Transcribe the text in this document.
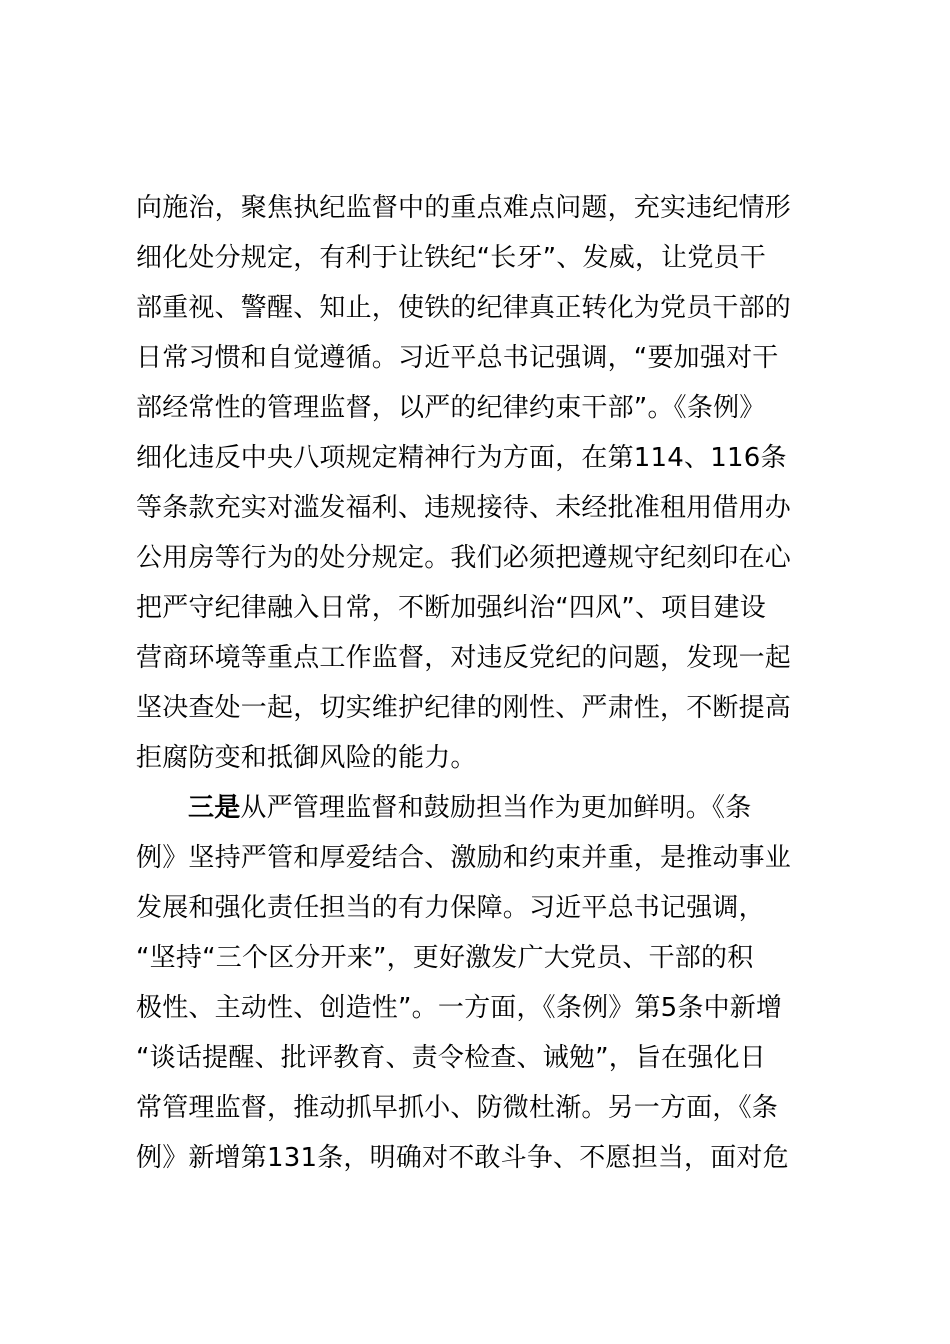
向施治，聚焦执纪监督中的重点难点问题，充实违纪情形
细化处分规定，有利于让铁纪“长牙”、发威，让党员干
部重视、警醒、知止，使铁的纪律真正转化为党员干部的
日常习惯和自觉遵循。习近平总书记强调，“要加强对干
部经常性的管理监督，以严的纪律约束干部”。《条例》
细化违反中央八项规定精神行为方面，在第114、116条
等条款充实对滥发福利、违规接待、未经批准租用借用办
公用房等行为的处分规定。我们必须把遵规守纪刻印在心
把严守纪律融入日常，不断加强纠治“四风”、项目建设
营商环境等重点工作监督，对违反党纪的问题，发现一起
坚决查处一起，切实维护纪律的刚性、严肃性，不断提高
拒腐防变和抵御风险的能力。
三是从严管理监督和鼓励担当作为更加鲜明。《条
例》坚持严管和厚爱结合、激励和约束并重，是推动事业
发展和强化责任担当的有力保障。习近平总书记强调，
“坚持“三个区分开来”，更好激发广大党员、干部的积
极性、主动性、创造性”。一方面，《条例》第5条中新增
“谈话提醒、批评教育、责令检查、诫勉”，旨在强化日
常管理监督，推动抓早抓小、防微杜渐。另一方面，《条
例》新增第131条，明确对不敢斗争、不愿担当，面对危
